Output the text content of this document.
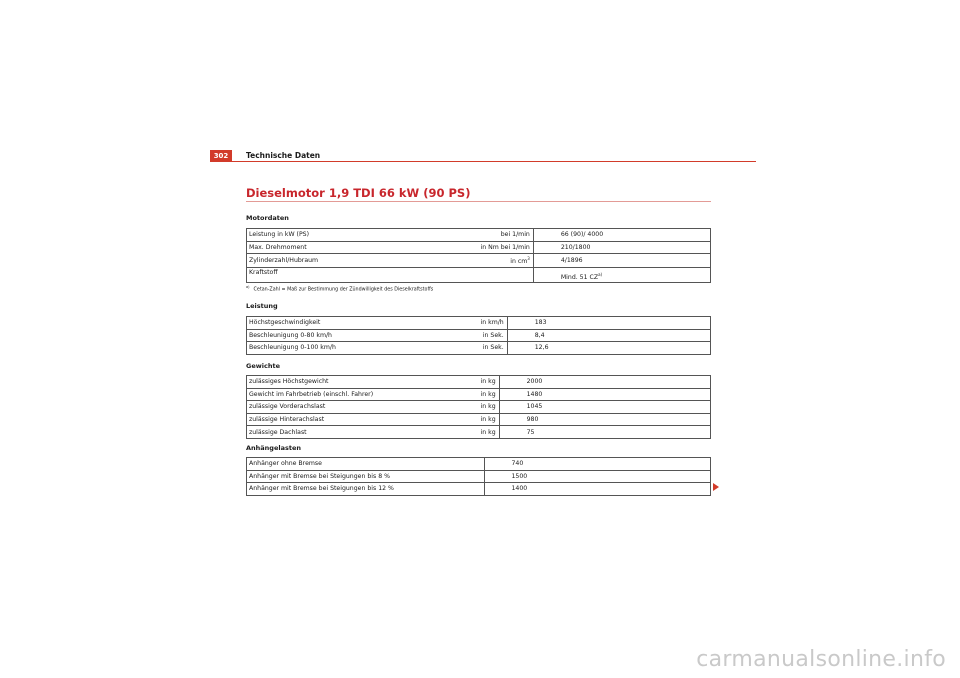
302	Technische Daten
Dieselmotor 1,9 TDI 66 kW (90 PS)
Motordaten
Leistung in kW (PS)	bei 1/min	66 (90)/ 4000
Max. Drehmoment	in Nm bei 1/min	210/1800
Zylinderzahl/Hubraum	in $cm^3$	4/1896
Kraftstoff		Mind. 51 CZ$^{a)}$
$^{a)}$Cetan-Zahl = Maß zur Bestimmung der Zündwilligkeit des Dieselkraftstoffs
Leistung
Höchstgeschwindigkeit	in km/h	183
Beschleunigung 0-80 km/h	in Sek.	8,4
Beschleunigung 0-100 km/h	in Sek.	12,6
Gewichte
zulässiges Höchstgewicht	in kg	2000
Gewicht im Fahrbetrieb (einschl. Fahrer)	in kg	1480
zulässige Vorderachslast	in kg	1045
zulässige Hinterachslast	in kg	980
zulässige Dachlast	in kg	75
Anhängelasten
Anhänger ohne Bremse		740
Anhänger mit Bremse bei Steigungen bis 8 %		1500
Anhänger mit Bremse bei Steigungen bis 12 %		1400
carmanualsonline.info
